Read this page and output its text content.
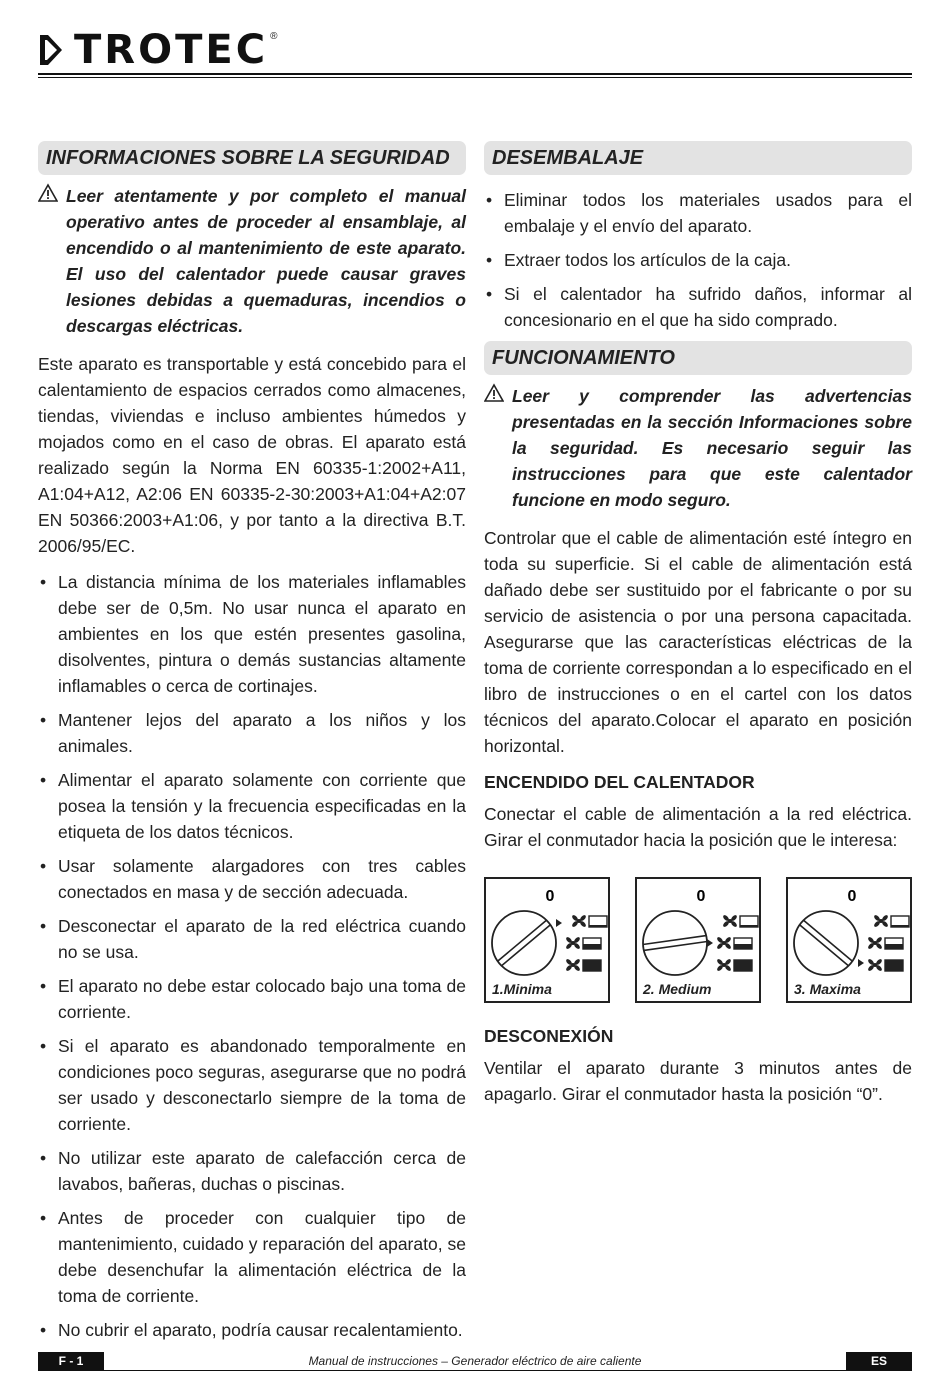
TROTEC ®
INFORMACIONES SOBRE LA SEGURIDAD
Leer atentamente y por completo el manual operativo antes de proceder al ensamblaje, al encendido o al mantenimiento de este aparato. El uso del calentador puede causar graves lesiones debidas a quemaduras, incendios o descargas eléctricas.

Este aparato es transportable y está concebido para el calentamiento de espacios cerrados como almacenes, tiendas, viviendas e incluso ambientes húmedos y mojados como en el caso de obras. El aparato está realizado según la Norma EN 60335-1:2002+A11, A1:04+A12, A2:06 EN 60335-2-30:2003+A1:04+A2:07 EN 50366:2003+A1:06, y por tanto a la directiva B.T. 2006/95/EC.

• La distancia mínima de los materiales inflamables debe ser de 0,5m. No usar nunca el aparato en ambientes en los que estén presentes gasolina, disolventes, pintura o demás sustancias altamente inflamables o cerca de cortinajes.
• Mantener lejos del aparato a los niños y los animales.
• Alimentar el aparato solamente con corriente que posea la tensión y la frecuencia especificadas en la etiqueta de los datos técnicos.
• Usar solamente alargadores con tres cables conectados en masa y de sección adecuada.
• Desconectar el aparato de la red eléctrica cuando no se usa.
• El aparato no debe estar colocado bajo una toma de corriente.
• Si el aparato es abandonado temporalmente en condiciones poco seguras, asegurarse que no podrá ser usado y desconectarlo siempre de la toma de corriente.
• No utilizar este aparato de calefacción cerca de lavabos, bañeras, duchas o piscinas.
• Antes de proceder con cualquier tipo de mantenimiento, cuidado y reparación del aparato, se debe desenchufar la alimentación eléctrica de la toma de corriente.
• No cubrir el aparato, podría causar recalentamiento.
DESEMBALAJE
• Eliminar todos los materiales usados para el embalaje y el envío del aparato.
• Extraer todos los artículos de la caja.
• Si el calentador ha sufrido daños, informar al concesionario en el que ha sido comprado.
FUNCIONAMIENTO
Leer y comprender las advertencias presentadas en la sección Informaciones sobre la seguridad. Es necesario seguir las instrucciones para que este calentador funcione en modo seguro.

Controlar que el cable de alimentación esté íntegro en toda su superficie. Si el cable de alimentación está dañado debe ser sustituido por el fabricante o por su servicio de asistencia o por una persona capacitada. Asegurarse que las características eléctricas de la toma de corriente correspondan a lo especificado en el libro de instrucciones o en el cartel con los datos técnicos del aparato.Colocar el aparato en posición horizontal.

ENCENDIDO DEL CALENTADOR

Conectar el cable de alimentación a la red eléctrica. Girar el conmutador hacia la posición que le interesa:

0
1.Minima
0
2. Medium
0
3. Maxima
DESCONEXIÓN

Ventilar el aparato durante 3 minutos antes de apagarlo. Girar el conmutador hasta la posición “0”.

F - 1	Manual de instrucciones – Generador eléctrico de aire caliente	ES
